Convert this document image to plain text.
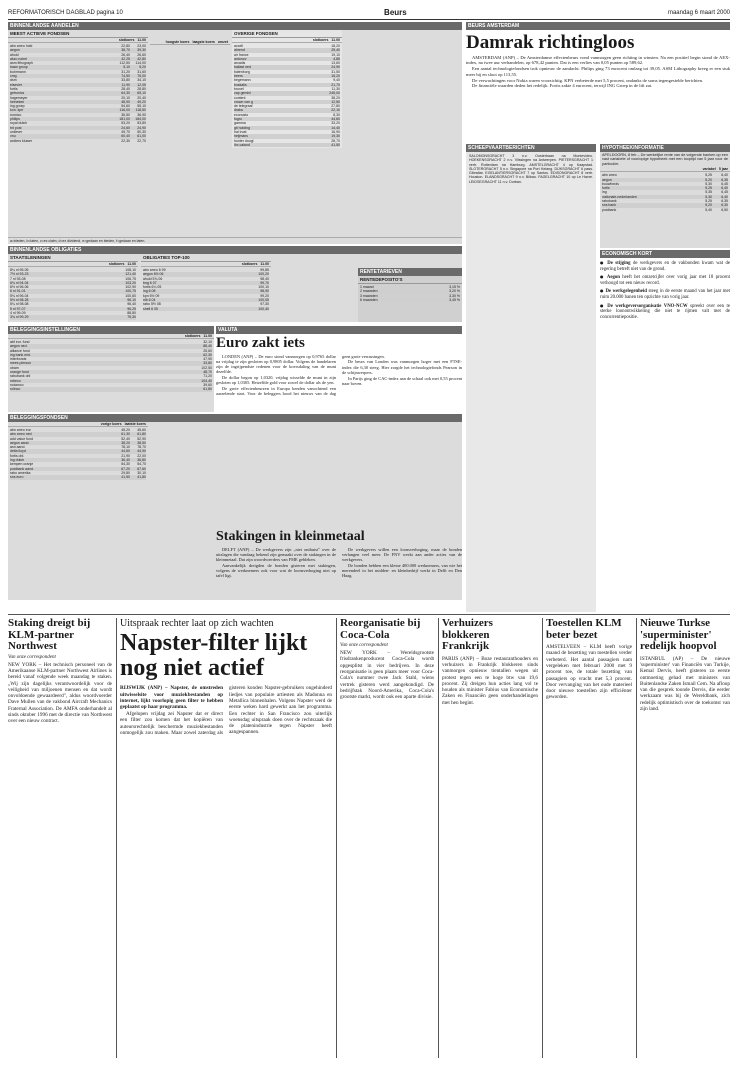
REFORMATORISCH DAGBLAD pagina 10	Beurs	maandag 6 maart 2000
BINNENLANDSE AANDELEN
MEEST ACTIEVE FONDSEN
slotkoers 11.00
abn amro hold	22,80	23,00
aegon	38,70	39,30
ahold	26,40	26,60
akzo nobel	42,25	42,80
asm lithograph	112,50	114,00
baan group	5,10	5,20
buhrmann	31,20	31,60
cmg	74,50	75,00
dsm	33,80	34,10
elsevier	11,90	12,05
fortis	28,40	28,80
getronics	64,30	65,10
hagemeyer	20,10	20,40
heineken	48,90	49,20
ing groep	54,60	55,10
kon. kpn	116,00	118,50
numico	36,50	36,90
philips	181,00	184,00
royal dutch	53,20	53,80
tnt post	24,60	24,90
unilever	49,70	50,30
vnu	60,40	61,00
wolters kluwer	22,30	22,70
hoogste koers laagste koers omzet
OVERIGE FONDSEN
slotkoers 11.00
accell	18,20
ahrend	25,40
air france	19,10
antonov	4,85
arcadis	13,60
ballast ned	24,90
batenburg	31,50
beers	15,20
begemann	9,40
boskalis	21,70
brunel	11,30
cap gemini	245,00
content	38,20
crown van g	12,50
de telegraaf	27,80
draka	22,10
econosto	8,30
fugro	44,60
gamma	33,20
gti holding	14,40
hal trust	16,90
heijmans	19,30
hunter dougl	28,70
ihc caland	41,50
a=bieden, b=laten, c=ex claim, d=ex dividend, e=gedaan en bieden, f=gedaan en laten.
BINNENLANDSE OBLIGATIES
STAATSLENINGEN
slotkoers 11.00
8¼ nl 95-05	108,10
7½ nl 93-23	121,40
7 nl 93-08	106,75
6¾ nl 94-04	103,20
6½ nl 96-06	102,90
6 nl 91-01	100,75
5¾ nl 96-04	100,60
5½ nl 98-28	96,10
5¼ nl 98-08	96,40
5 nl 97-07	96,25
4 nl 99-09	88,80
3¾ nl 99-29	75,30
OBLIGATIES TOP-100
slotkoers 11.00
abn amro 6 99	99,85
aegon 6½ 06	100,20
ahold 5¾ 06	98,40
bng 6 07	99,70
fortis 6¼ 05	100,10
ing 6 08	98,90
kpn 6½ 09	99,20
nib 6 04	100,05
rabo 5½ 08	97,30
shell 6 05	100,40
RENTETARIEVEN
RENTEDEPOSITO'S
1 maand	3,15 %
2 maanden	3,20 %
3 maanden	3,30 %
6 maanden	3,45 %
BELEGGINGSINSTELLINGEN
slotkoers 11.00
abf eur. fund	32,10
aegon ned.	88,40
alliance fund	25,60
ing bank mid.	62,30
interbonds	47,90
mees pierson	33,80
obam	102,50
orange fund	48,70
rabobank obl	71,20
robeco	104,40
rodamco	39,60
rolinco	61,80
BELEGGINGSFONDSEN
vorige koers laatste koers
abn amro eur	45,20	45,60
abn amro ned	61,30	61,80
add value fund	52,40	52,90
aegon aand.	38,20	38,50
asn aand.	78,10	78,70
delta lloyd	44,60	44,90
fortis obl.	21,90	22,00
ing dutch	36,40	36,80
kempen oranje	54,30	54,70
postbank aand.	67,20	67,60
rabo amerika	29,80	30,10
sns euro	41,50	41,80
VALUTA
Euro zakt iets

LONDEN (ANP) – De euro stond vanmorgen op 0,9765 dollar na vrijdag te zijn gesloten op 0,9805 dollar. Volgens de handelaren zijn de ingrijpendste redenen voor de koersdaling van de munt dezelfde.

De dollar begon op 1,0320, vrijdag wisselde de munt in zijn gesloten op 1,0305. Hetzelfde gold voor zowel de dollar als de yen.

De grote effectenbeurzen in Europa kenden vanochtend een aarzelende start. Voor de beleggers bood het nieuws van de dag geen grote verrassingen.

De beurs van Londen was vanmorgen hoger met een FTSE-index die 6,30 steeg. Hier zorgde het technologiefonds Pearson in de schijnwerpers.

In Parijs ging de CAC-index aan de schaal ook met 0,55 procent naar boven.

Stakingen in kleinmetaal

DELFT (ANP) – De werkgevers zijn „niet onthutst" over de uitslagen die vandaag bekend zijn gemaakt over de stakingen in de kleinmetaal. Dat zijn woordvoerders van FME gebleken.

Aanvankelijk dreigden de bonden gisteren met stakingen, volgens de werknemers ook voor wat de loonsverhoging niet op tafel ligt.

De werkgevers willen een loonsverhoging, maar de bonden verlangen veel meer. De FNV werkt aan ander acties van de werkgevers.

De bonden hebben een kleine 400.000 werknemers, van wie het merendeel in het midden- en kleinbedrijf werkt in Delft en Den Haag.

BEURS AMSTERDAM
Damrak richtingloos

AMSTERDAM (ANP) – De Amsterdamse effectenbeurs vond vanmorgen geen richting in winsten. Na een positief begin stond de AEX-index, na twee uur verhandelen, op 678,42 punten. Dat is een verlies van 0,05 punten op 589,62.

Een aantal technologiefondsen trok opnieuw de aandacht. Philips ging 73 eurocent omlaag tot 39,05. ASM Lithography kreeg er een stuk meer bij en sloot op 113,55.

De verwachtingen voor Nokia waren voorzichtig. KPN verbeterde met 5,5 procent, ondanks de soms tegengestelde berichten.

De financiële waarden deden het redelijk. Fortis zakte 4 eurocent, terwijl ING Groep in de lift zat.

SCHEEPVAARTBERICHTEN
SALOMONSGRACHT 3 n.v. Oosterbaan na Montevideo. HOEKENSGRACHT 2 n.v. Vlissingen na Antwerpen. PIETERSGRACHT 1 vertr. Rotterdam na Hamburg. AMSTELGRACHT 4 op Kaapstad. SLOTERGRACHT 5 n.v. Singapore na Port Kelang. DIJKSGRACHT 6 pass. Gibraltar. EGELANTIERSGRACHT 7 op Santos. EDISONGRACHT 8 vertr. Houston. ELANDSGRACHT 9 n.v. Bilbao. FAGELGRACHT 10 op Le Havre. LEIDSEGRACHT 11 n.v. Durban.
HYPOTHEEKINFORMATIE
APELDOORN, 8 feb – De werkelijke rente van de volgende banken op een vast variabele of voorlopige hypotheek met een looptijd van 5 jaar voor de particulier.
variabel 5 jaar
abn amro	5,25	6,40
aegon	5,20	6,35
bouwfonds	5,30	6,45
fortis	5,25	6,40
ing	5,35	6,45
nationale-nederlanden	5,30	6,40
rabobank	5,25	6,35
sns bank	5,20	6,30
postbank	5,40	6,50
ECONOMISCH KORT
● De stijging de werkgevers en de vakbonden kwam wat de regering betreft niet van de grond.
● Aegon heeft het omzetcijfer over vorig jaar met 18 procent verhoogd tot een nieuw record.
● De werkgelegenheid steeg in de eerste maand van het jaar met ruim 20.000 banen ten opzichte van vorig jaar.
● De werkgeversorganisatie VNO-NCW spreekt over een te sterke loonontwikkeling die niet te rijmen valt met de concurrentiepositie.
Staking dreigt bij KLM-partner Northwest
Van onze correspondent
NEW YORK – Het technisch personeel van de Amerikaanse KLM-partner Northwest Airlines is bereid vanaf volgende week maandag te staken. „Wij zijn dagelijks verantwoordelijk voor de veiligheid van miljoenen mensen en dat wordt onvoldoende gewaardeerd", aldus woordvoerder Dave Mullen van de vakbond Aircraft Mechanics Fraternal Association. De AMFA onderhandelt al sinds oktober 1996 met de directie van Northwest over een nieuw contract.
Uitspraak rechter laat op zich wachten
Napster-filter lijkt nog niet actief

RIJSWIJK (ANP) – Napster, de omstreden uitwisselsite voor muziekbestanden op internet, lijkt voorlopig geen filter te hebben geplaatst op haar programma.

Afgelopen vrijdag zei Napster dat er direct een filter zou komen dat het kopiëren van auteursrechtelijk beschermde muziekbestanden onmogelijk zou maken. Maar zowel zaterdag als gisteren konden Napster-gebruikers ongehinderd liedjes van populaire artiesten als Madonna en Metallica binnenhalen. Volgens Napster werd de eerste weken hard gewerkt aan het programma. Een rechter in San Francisco zou uiterlijk woensdag uitspraak doen over de rechtszaak die de platenindustrie tegen Napster heeft aangespannen.

Reorganisatie bij Coca-Cola
Van onze correspondent
NEW YORK – Wereldsgrootste frisdrankenproducent Coca-Cola wordt opgesplitst in vier bedrijven. In deze reorganisatie is geen plaats meer voor Coca-Cola's nummer twee Jack Stahl, wiens vertrek gisteren werd aangekondigd. De bedrijfstak Noord-Amerika, Coca-Cola's grootste markt, wordt ook een aparte divisie.
Verhuizers blokkeren Frankrijk
PARIJS (ANP) – Boze restauranthouders en verhuizers in Frankrijk blokkeren sinds vanmorgen opnieuw tientallen wegen uit protest tegen een te hoge btw van 19,6 procent. Zij dreigen hun acties lang vol te houden als minister Fabius van Economische Zaken en Financiën geen onderhandelingen met hen begint.
Toestellen KLM beter bezet
AMSTELVEEN – KLM heeft vorige maand de bezetting van toestellen verder verbeterd. Het aantal passagiers nam vergeleken met februari 2000 met 9 procent toe, de totale bezetting van passagiers op vracht met 5,3 procent. Door vervanging van het oude materieel door nieuwe toestellen zijn efficiënter geworden.
Nieuwe Turkse 'superminister' redelijk hoopvol
ISTANBUL (AP) – De nieuwe 'superminister' van Financiën van Turkije, Kemal Dervis, heeft gisteren zo eerste ontmoeting gehad met ministers van Buitenlandse Zaken Ismail Cem. Na afloop van die gesprek toonde Dervis, die eerder werkzaam was bij de Wereldbank, zich redelijk optimistisch over de toekomst van zijn land.
